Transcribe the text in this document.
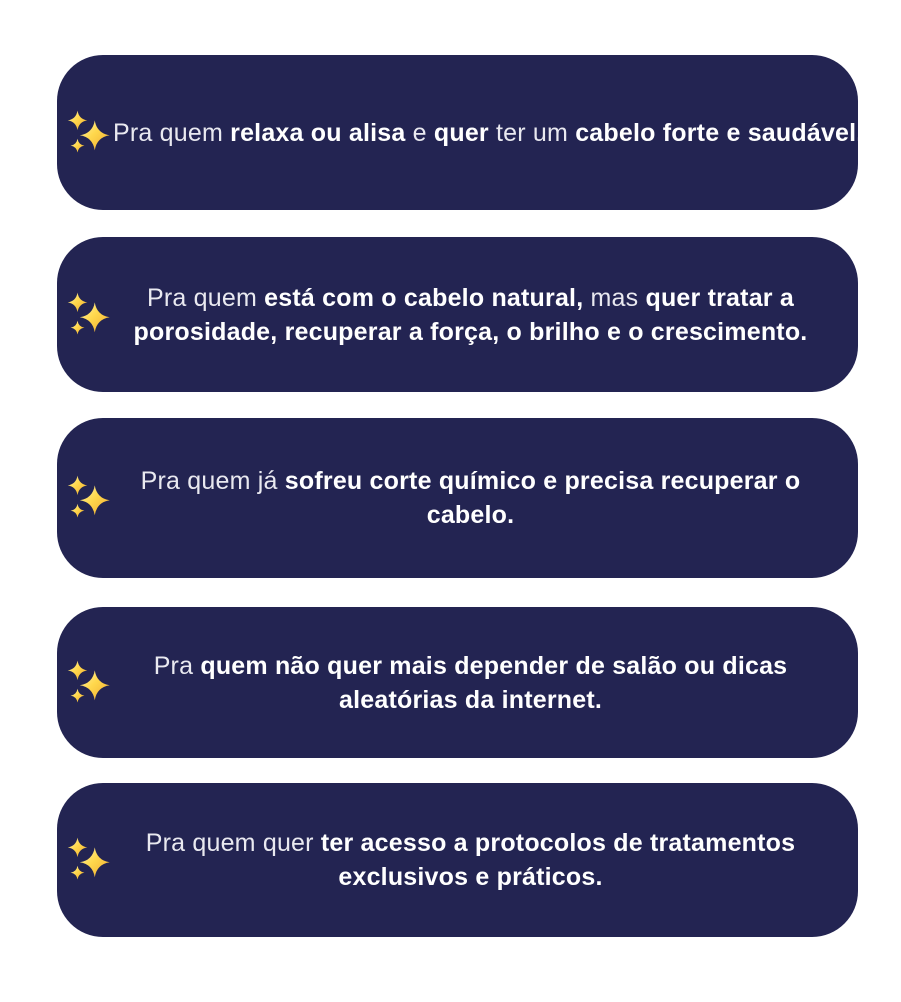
Pra quem relaxa ou alisa e quer ter um cabelo forte e saudável.
Pra quem está com o cabelo natural, mas quer tratar a
porosidade, recuperar a força, o brilho e o crescimento.
Pra quem já sofreu corte químico e precisa recuperar o
cabelo.
Pra quem não quer mais depender de salão ou dicas
aleatórias da internet.
Pra quem quer ter acesso a protocolos de tratamentos
exclusivos e práticos.
